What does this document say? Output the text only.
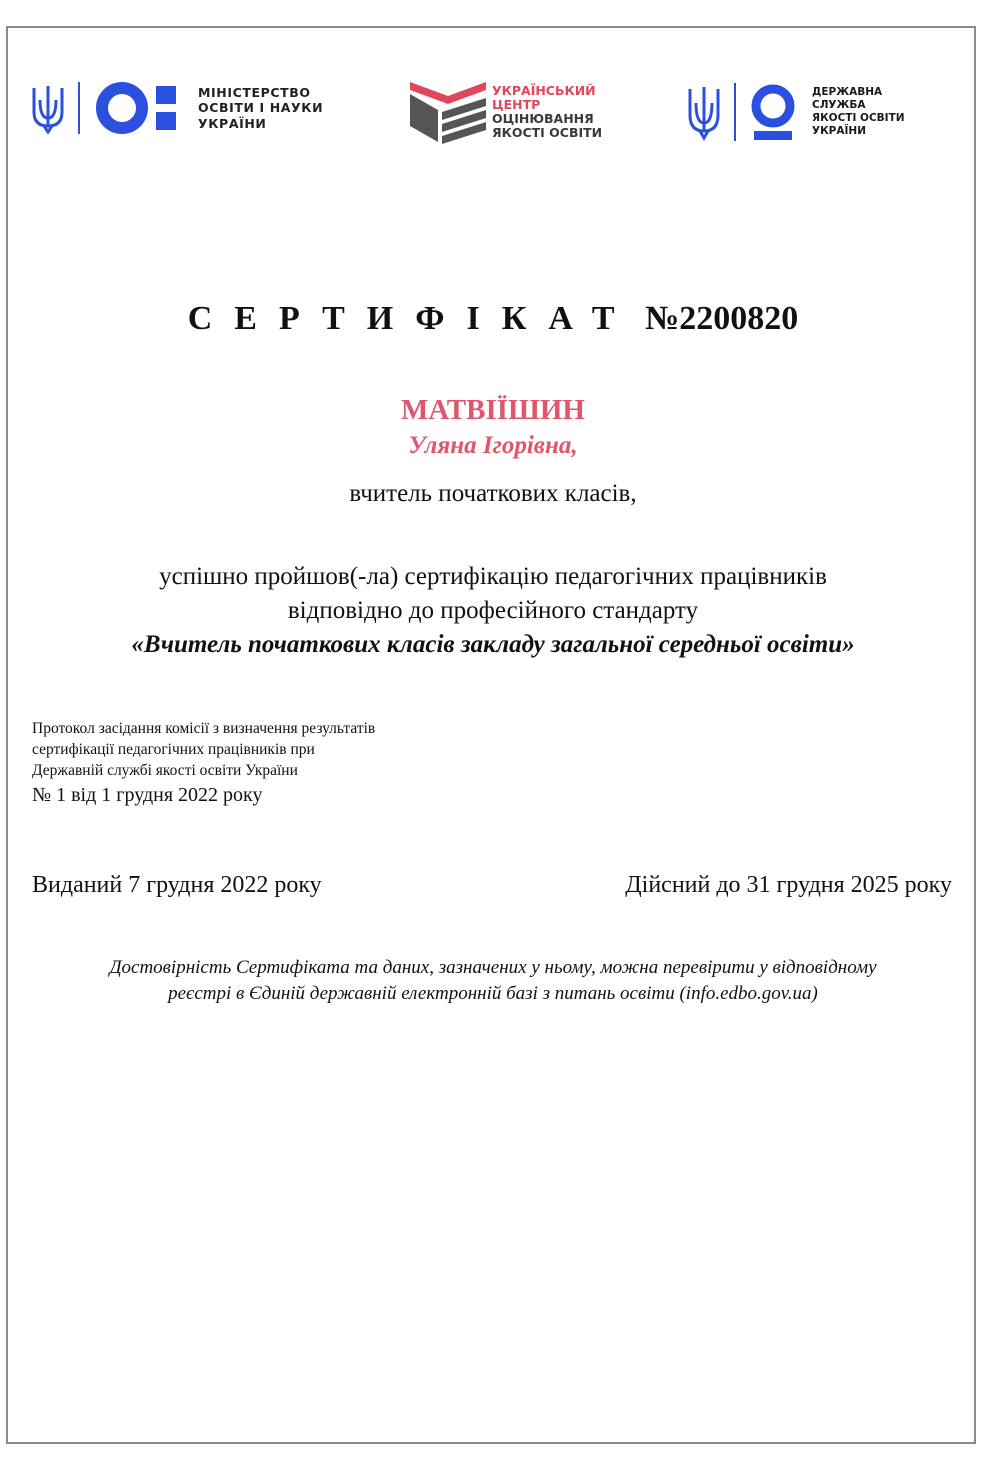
МІНІСТЕРСТВО
ОСВІТИ І НАУКИ
УКРАЇНИ
УКРАЇНСЬКИЙ
ЦЕНТР
ОЦІНЮВАННЯ
ЯКОСТІ ОСВІТИ
ДЕРЖАВНА
СЛУЖБА
ЯКОСТІ ОСВІТИ
УКРАЇНИ
СЕРТИФІКАТ №2200820
МАТВІЇШИН
Уляна Ігорівна,
вчитель початкових класів,
успішно пройшов(-ла) сертифікацію педагогічних працівників
відповідно до професійного стандарту
«Вчитель початкових класів закладу загальної середньої освіти»
Протокол засідання комісії з визначення результатів
сертифікації педагогічних працівників при
Державній службі якості освіти України
№ 1 від 1 грудня 2022 року
Виданий 7 грудня 2022 року	Дійсний до 31 грудня 2025 року
Достовірність Сертифіката та даних, зазначених у ньому, можна перевірити у відповідному
реєстрі в Єдиній державній електронній базі з питань освіти (info.edbo.gov.ua)
